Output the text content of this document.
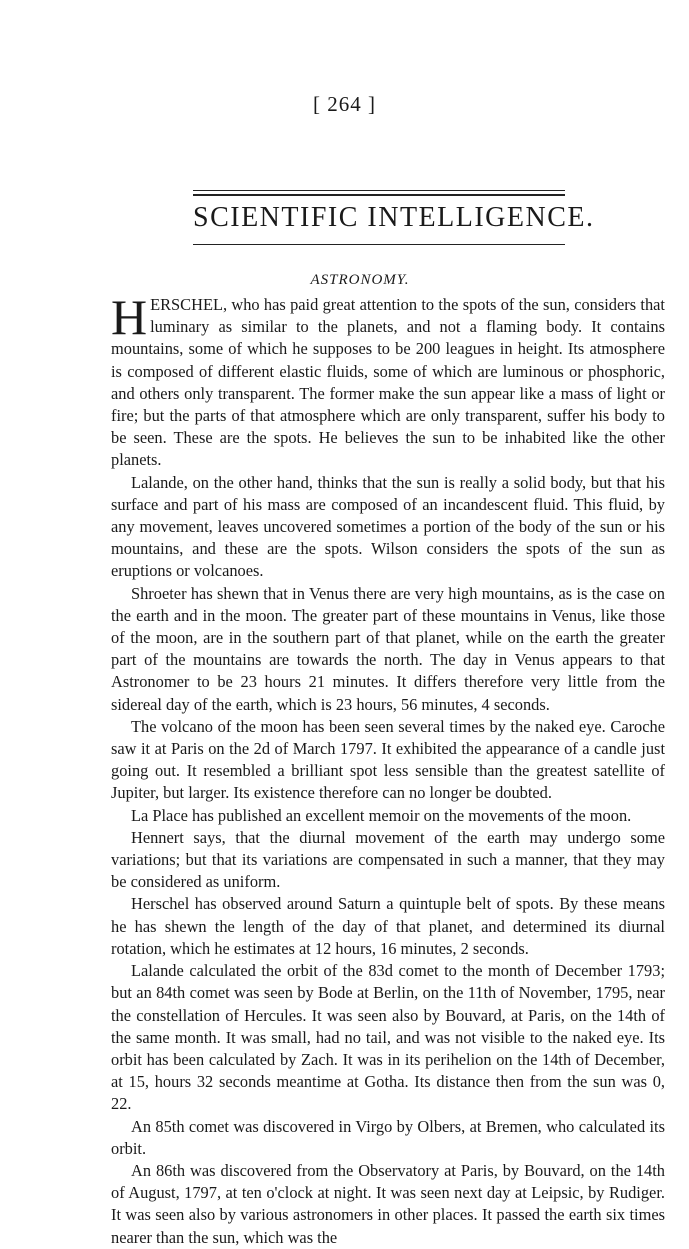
[ 264 ]
SCIENTIFIC INTELLIGENCE.
ASTRONOMY.

HERSCHEL, who has paid great attention to the spots of the sun, considers that luminary as similar to the planets, and not a flaming body. It contains mountains, some of which he supposes to be 200 leagues in height. Its atmosphere is composed of different elastic fluids, some of which are luminous or phosphoric, and others only transparent. The former make the sun appear like a mass of light or fire; but the parts of that atmosphere which are only transparent, suffer his body to be seen. These are the spots. He believes the sun to be inhabited like the other planets.

Lalande, on the other hand, thinks that the sun is really a solid body, but that his surface and part of his mass are composed of an incandescent fluid. This fluid, by any movement, leaves uncovered sometimes a portion of the body of the sun or his mountains, and these are the spots. Wilson considers the spots of the sun as eruptions or volcanoes.

Shroeter has shewn that in Venus there are very high mountains, as is the case on the earth and in the moon. The greater part of these mountains in Venus, like those of the moon, are in the southern part of that planet, while on the earth the greater part of the mountains are towards the north. The day in Venus appears to that Astronomer to be 23 hours 21 minutes. It differs therefore very little from the sidereal day of the earth, which is 23 hours, 56 minutes, 4 seconds.

The volcano of the moon has been seen several times by the naked eye. Caroche saw it at Paris on the 2d of March 1797. It exhibited the appearance of a candle just going out. It resembled a brilliant spot less sensible than the greatest satellite of Jupiter, but larger. Its existence therefore can no longer be doubted.

La Place has published an excellent memoir on the movements of the moon.

Hennert says, that the diurnal movement of the earth may undergo some variations; but that its variations are compensated in such a manner, that they may be considered as uniform.

Herschel has observed around Saturn a quintuple belt of spots. By these means he has shewn the length of the day of that planet, and determined its diurnal rotation, which he estimates at 12 hours, 16 minutes, 2 seconds.

Lalande calculated the orbit of the 83d comet to the month of December 1793; but an 84th comet was seen by Bode at Berlin, on the 11th of November, 1795, near the constellation of Hercules. It was seen also by Bouvard, at Paris, on the 14th of the same month. It was small, had no tail, and was not visible to the naked eye. Its orbit has been calculated by Zach. It was in its perihelion on the 14th of December, at 15, hours 32 seconds meantime at Gotha. Its distance then from the sun was 0, 22.

An 85th comet was discovered in Virgo by Olbers, at Bremen, who calculated its orbit.

An 86th was discovered from the Observatory at Paris, by Bouvard, on the 14th of August, 1797, at ten o'clock at night. It was seen next day at Leipsic, by Rudiger. It was seen also by various astronomers in other places. It passed the earth six times nearer than the sun, which was the
